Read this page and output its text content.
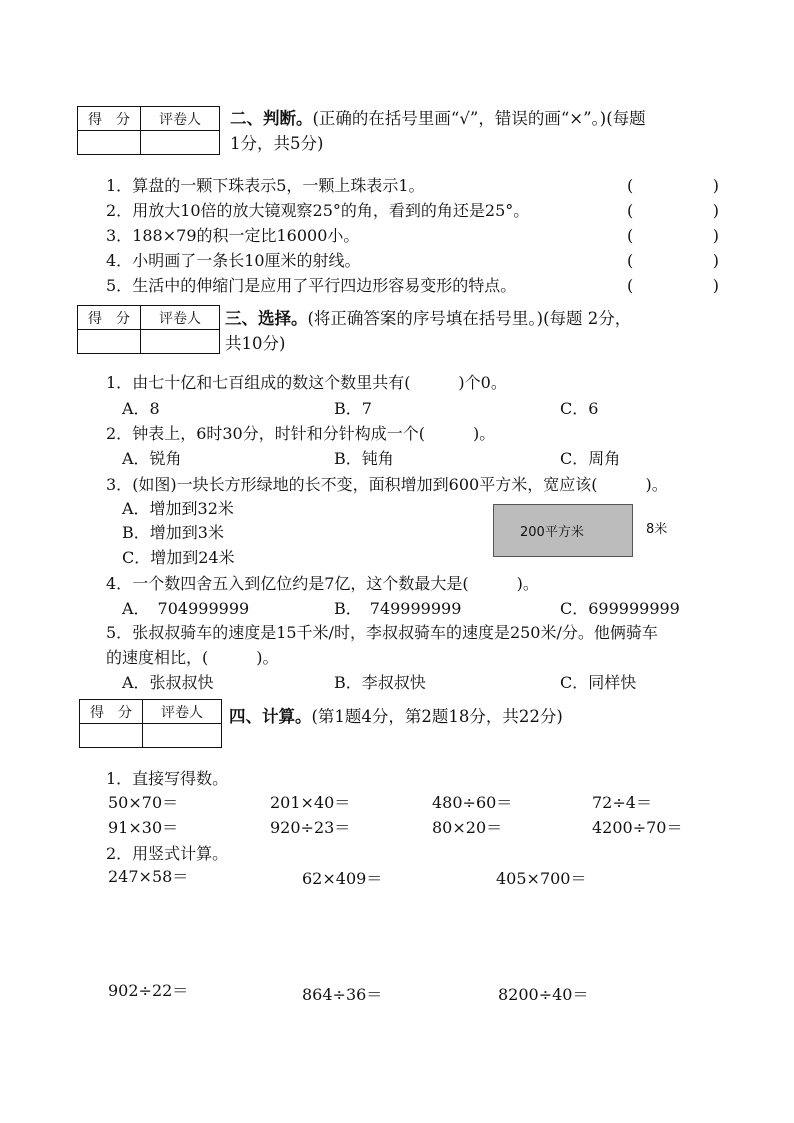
得　分	评卷人
	二、判断。(正确的在括号里画“√”，错误的画“×”。)(每题
1分，共5分)
1．算盘的一颗下珠表示5，一颗上珠表示1。	(	)
2．用放大10倍的放大镜观察25°的角，看到的角还是25°。	(	)
3．188×79的积一定比16000小。	(	)
4．小明画了一条长10厘米的射线。	(	)
5．生活中的伸缩门是应用了平行四边形容易变形的特点。	(	)
得　分	评卷人
	三、选择。(将正确答案的序号填在括号里。)(每题 2分，
共10分)
1．由七十亿和七百组成的数这个数里共有(　　　)个0。
A．8	B．7	C．6
2．钟表上，6时30分，时针和分针构成一个(　　　)。
A．锐角	B．钝角	C．周角
3．(如图)一块长方形绿地的长不变，面积增加到600平方米，宽应该(　　　)。
A．增加到32米
B．增加到3米
C．增加到24米
200平方米	8米
4．一个数四舍五入到亿位约是7亿，这个数最大是(　　　)。
A．　704999999	B．　749999999	C．699999999
5．张叔叔骑车的速度是15千米/时，李叔叔骑车的速度是250米/分。他俩骑车
的速度相比，(　　　)。
A．张叔叔快	B．李叔叔快	C．同样快
得　分	评卷人
	四、计算。(第1题4分，第2题18分，共22分)
1．直接写得数。
50×70＝	201×40＝	480÷60＝	72÷4＝
91×30＝	920÷23＝	80×20＝	4200÷70＝
2．用竖式计算。
247×58＝	62×409＝	405×700＝
902÷22＝	864÷36＝	8200÷40＝
